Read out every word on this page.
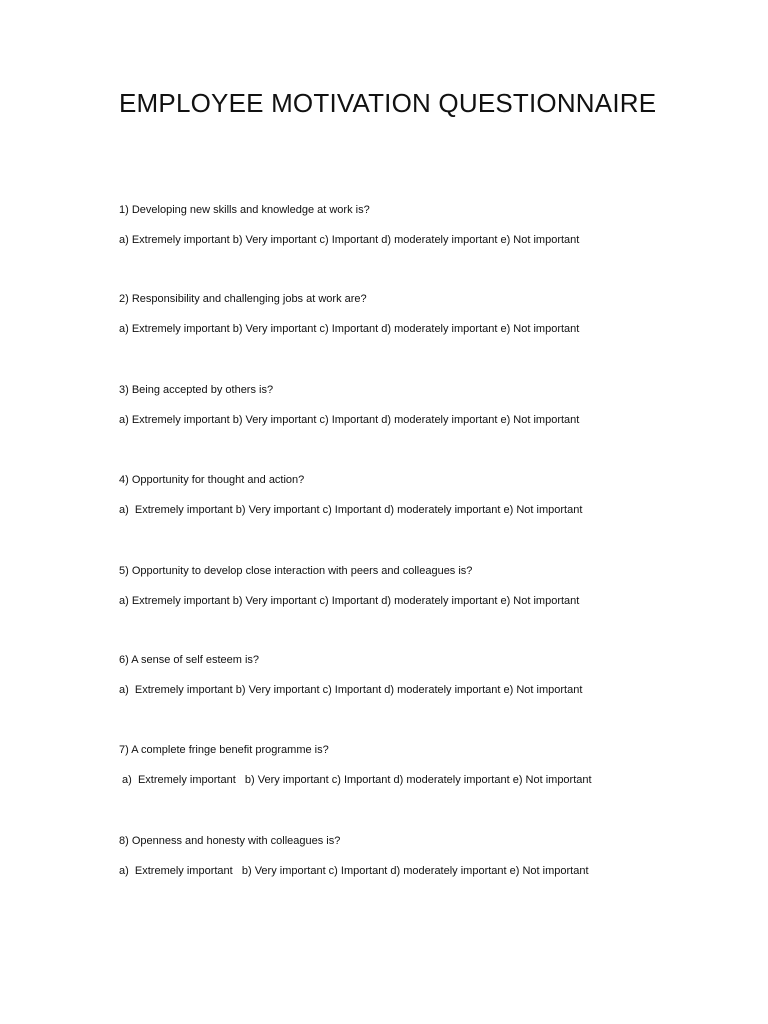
EMPLOYEE MOTIVATION QUESTIONNAIRE

1) Developing new skills and knowledge at work is?

a) Extremely important b) Very important c) Important d) moderately important e) Not important

2) Responsibility and challenging jobs at work are?

a) Extremely important b) Very important c) Important d) moderately important e) Not important

3) Being accepted by others is?

a) Extremely important b) Very important c) Important d) moderately important e) Not important

4) Opportunity for thought and action?

a)  Extremely important b) Very important c) Important d) moderately important e) Not important

5) Opportunity to develop close interaction with peers and colleagues is?

a) Extremely important b) Very important c) Important d) moderately important e) Not important

6) A sense of self esteem is?

a)  Extremely important b) Very important c) Important d) moderately important e) Not important

7) A complete fringe benefit programme is?

a)  Extremely important   b) Very important c) Important d) moderately important e) Not important

8) Openness and honesty with colleagues is?

a)  Extremely important   b) Very important c) Important d) moderately important e) Not important
